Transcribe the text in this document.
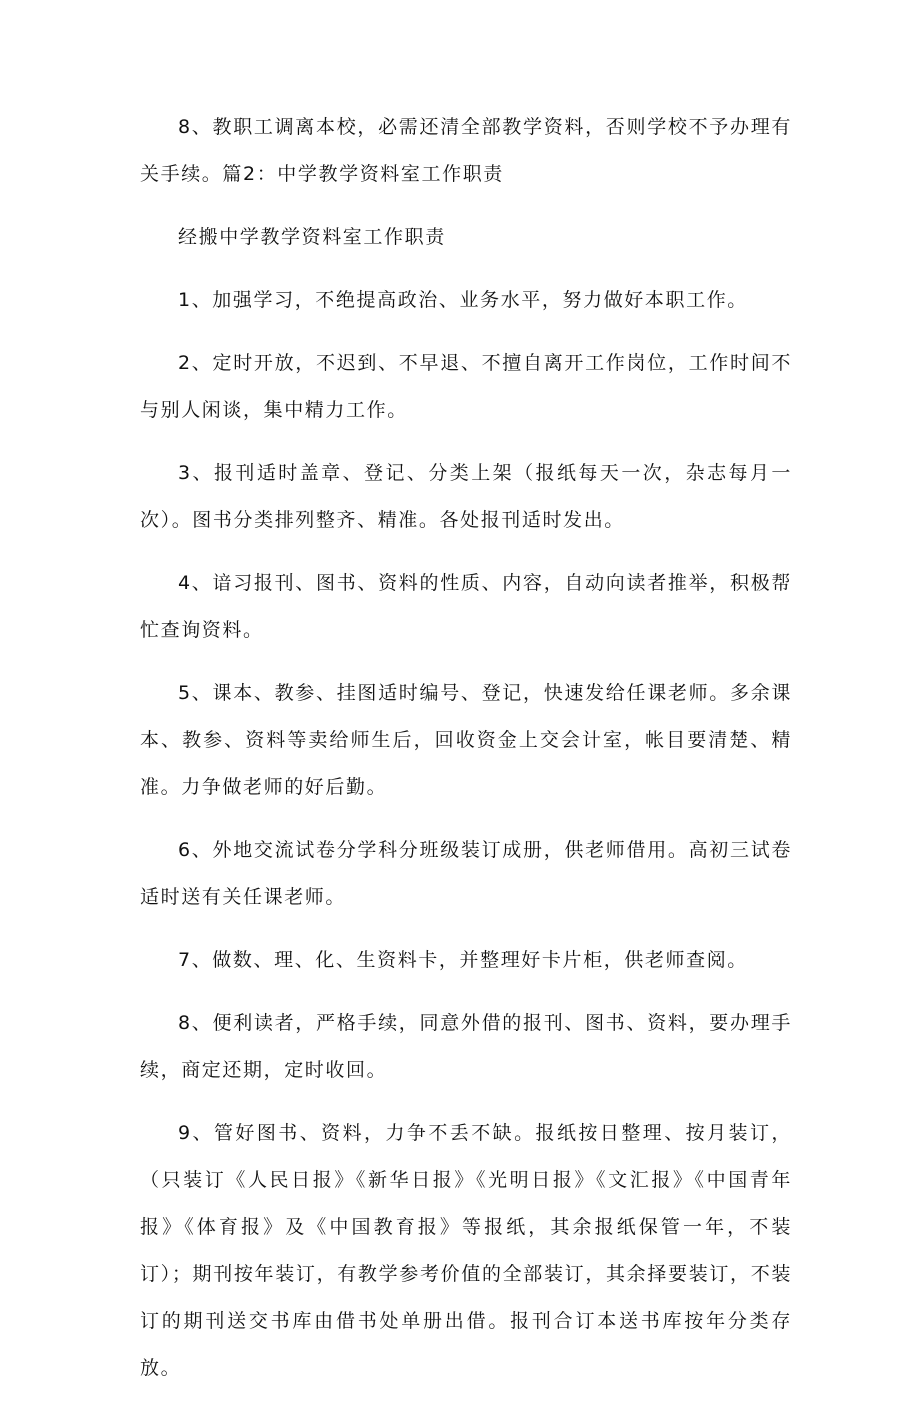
8、教职工调离本校，必需还清全部教学资料，否则学校不予办理有关手续。篇2：中学教学资料室工作职责

经搬中学教学资料室工作职责

1、加强学习，不绝提高政治、业务水平，努力做好本职工作。

2、定时开放，不迟到、不早退、不擅自离开工作岗位，工作时间不与别人闲谈，集中精力工作。

3、报刊适时盖章、登记、分类上架（报纸每天一次，杂志每月一次）。图书分类排列整齐、精准。各处报刊适时发出。

4、谙习报刊、图书、资料的性质、内容，自动向读者推举，积极帮忙查询资料。

5、课本、教参、挂图适时编号、登记，快速发给任课老师。多余课本、教参、资料等卖给师生后，回收资金上交会计室，帐目要清楚、精准。力争做老师的好后勤。

6、外地交流试卷分学科分班级装订成册，供老师借用。高初三试卷适时送有关任课老师。

7、做数、理、化、生资料卡，并整理好卡片柜，供老师查阅。

8、便利读者，严格手续，同意外借的报刊、图书、资料，要办理手续，商定还期，定时收回。

9、管好图书、资料，力争不丢不缺。报纸按日整理、按月装订，（只装订《人民日报》《新华日报》《光明日报》《文汇报》《中国青年报》《体育报》及《中国教育报》等报纸，其余报纸保管一年，不装订）；期刊按年装订，有教学参考价值的全部装订，其余择要装订，不装订的期刊送交书库由借书处单册出借。报刊合订本送书库按年分类存放。
